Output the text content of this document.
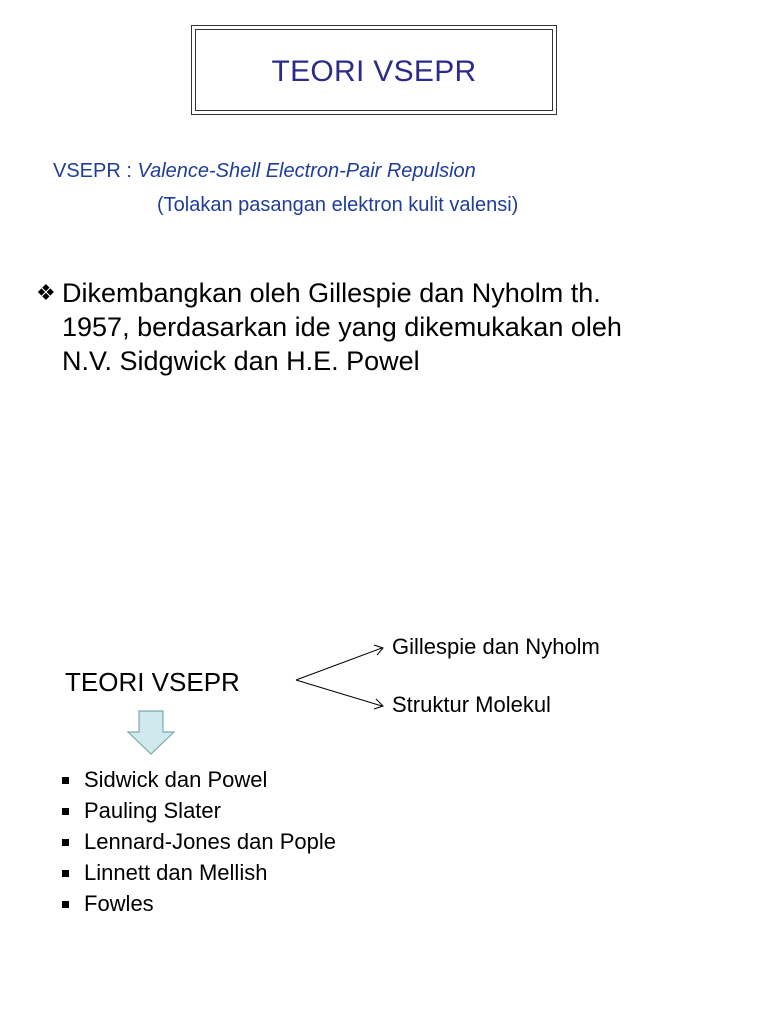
TEORI VSEPR
VSEPR : Valence-Shell Electron-Pair Repulsion
(Tolakan pasangan elektron kulit valensi)
❖ Dikembangkan oleh Gillespie dan Nyholm th.
1957, berdasarkan ide yang dikemukakan oleh
N.V. Sidgwick dan H.E. Powel
TEORI VSEPR
Gillespie dan Nyholm
Struktur Molekul
Sidwick dan Powel
Pauling Slater
Lennard-Jones dan Pople
Linnett dan Mellish
Fowles
